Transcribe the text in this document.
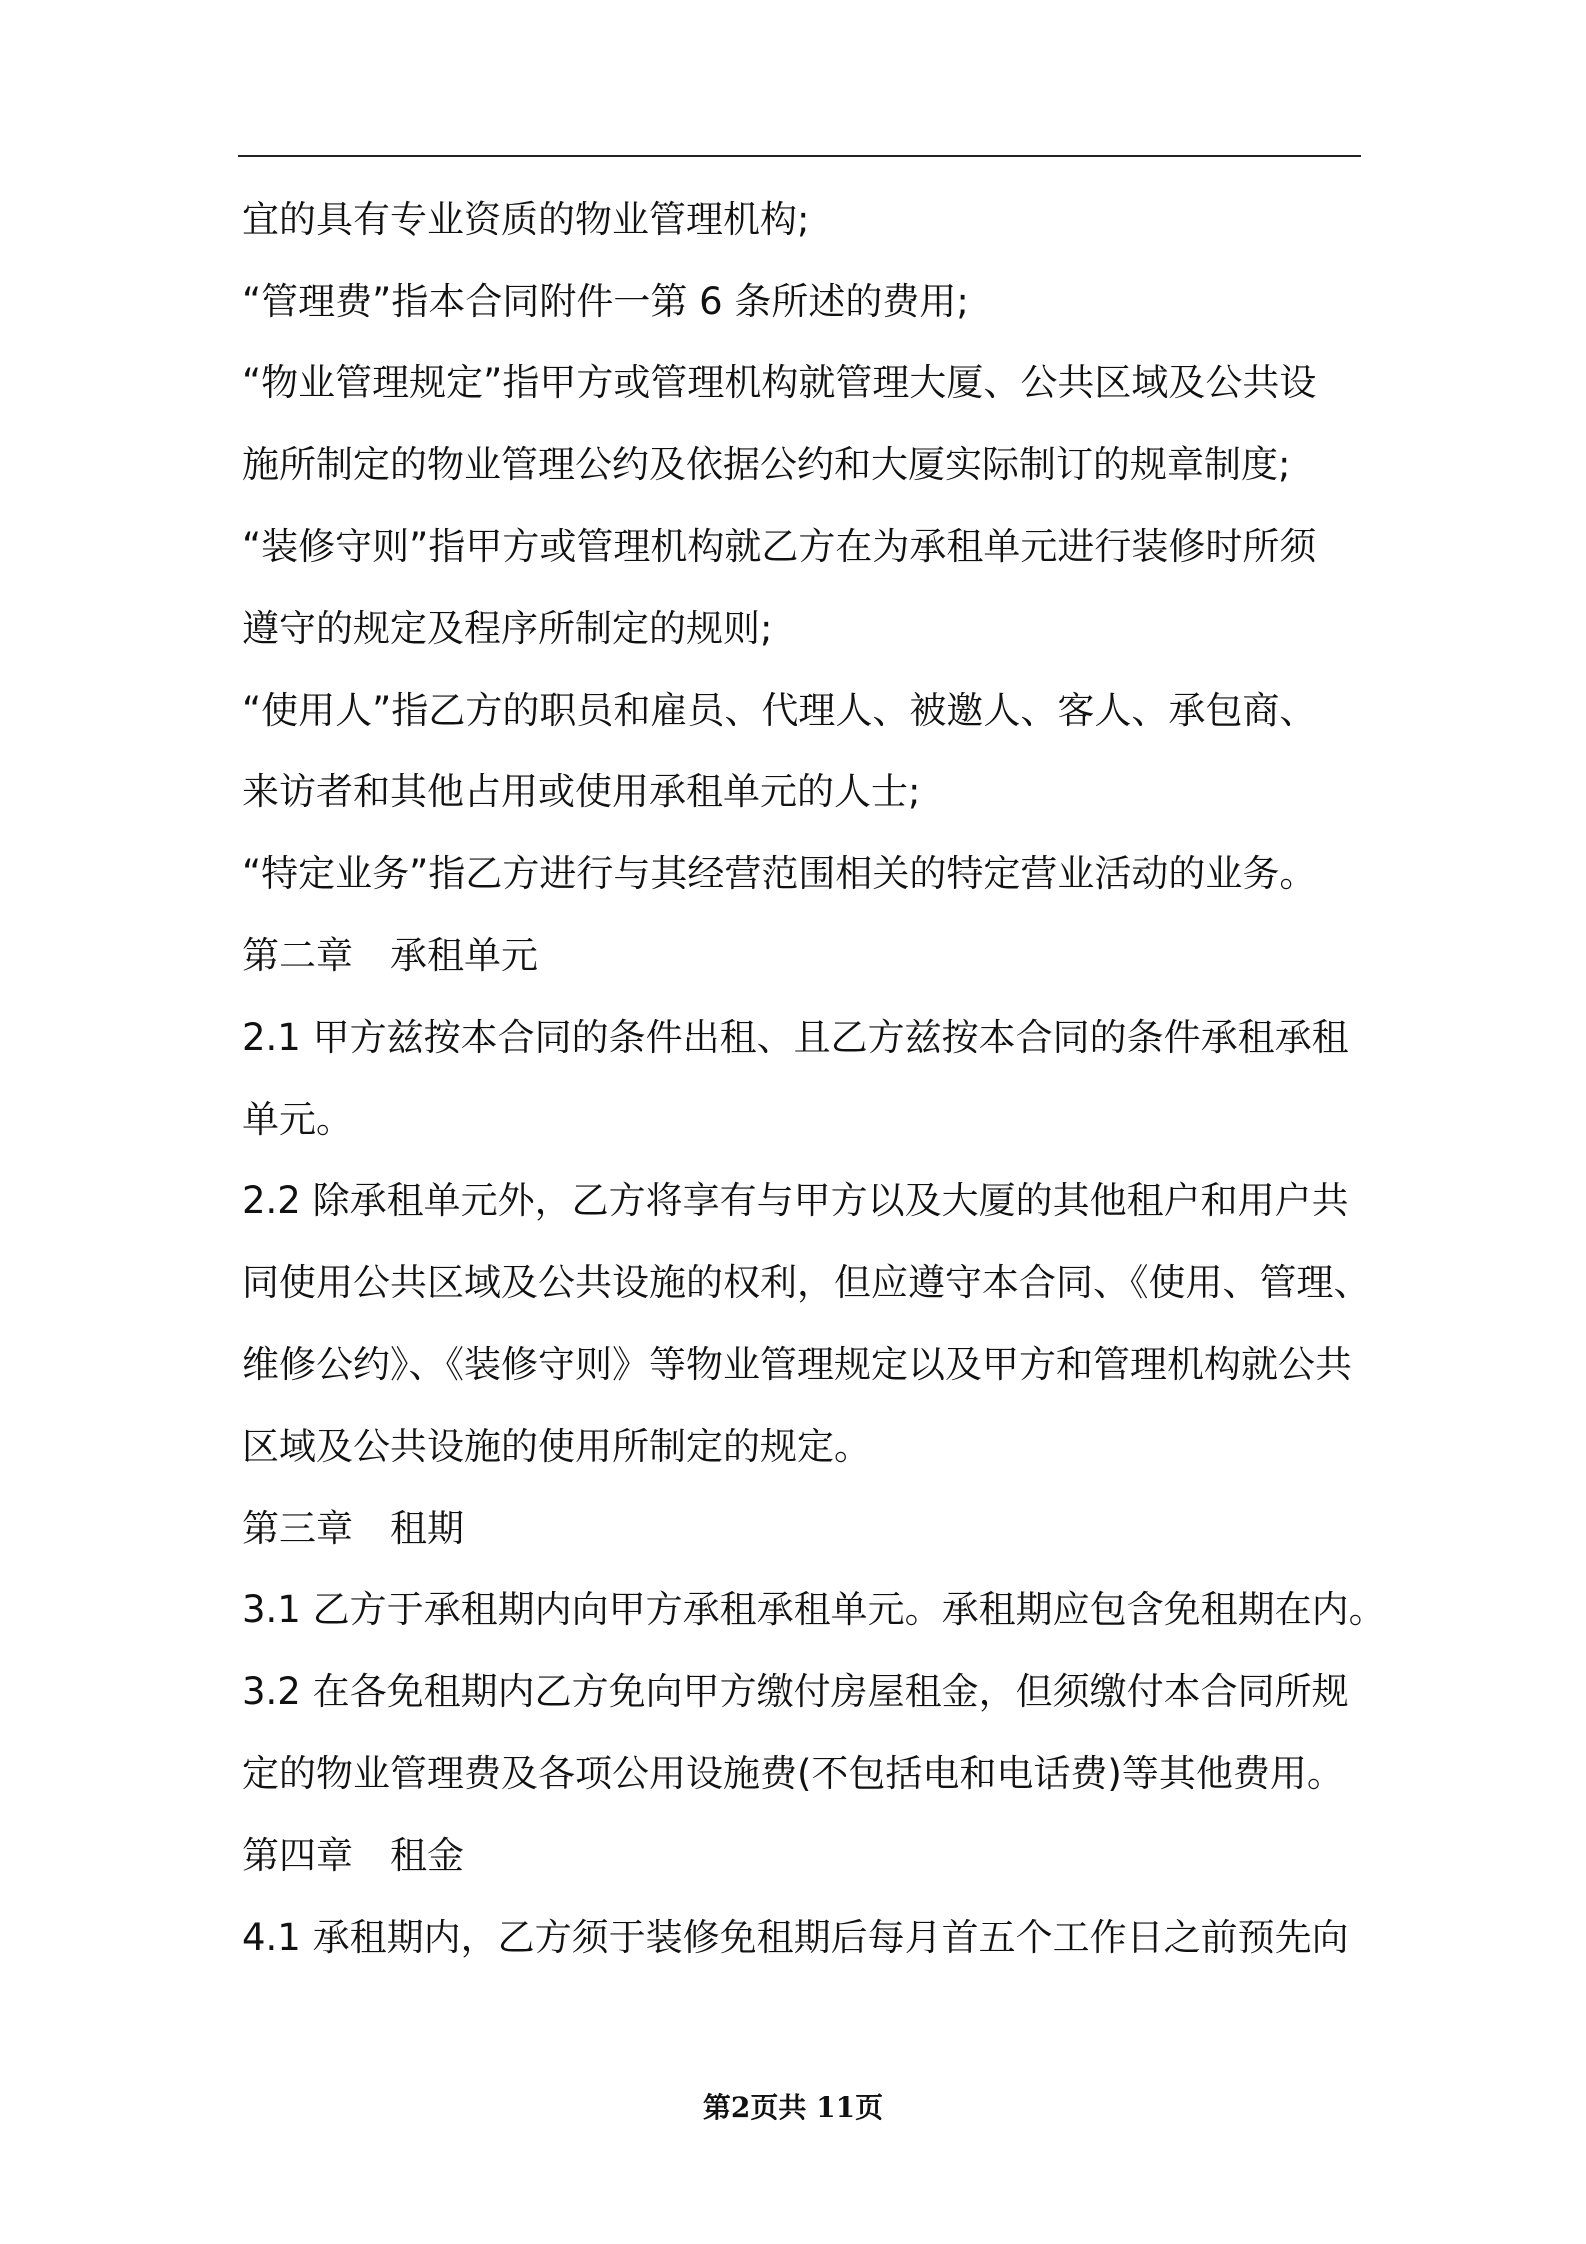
宜的具有专业资质的物业管理机构;
“管理费”指本合同附件一第 6 条所述的费用;
“物业管理规定”指甲方或管理机构就管理大厦、公共区域及公共设
施所制定的物业管理公约及依据公约和大厦实际制订的规章制度;
“装修守则”指甲方或管理机构就乙方在为承租单元进行装修时所须
遵守的规定及程序所制定的规则;
“使用人”指乙方的职员和雇员、代理人、被邀人、客人、承包商、
来访者和其他占用或使用承租单元的人士;
“特定业务”指乙方进行与其经营范围相关的特定营业活动的业务。
第二章　承租单元
2.1 甲方兹按本合同的条件出租、且乙方兹按本合同的条件承租承租
单元。
2.2 除承租单元外，乙方将享有与甲方以及大厦的其他租户和用户共
同使用公共区域及公共设施的权利，但应遵守本合同、《使用、管理、
维修公约》、《装修守则》等物业管理规定以及甲方和管理机构就公共
区域及公共设施的使用所制定的规定。
第三章　租期
3.1 乙方于承租期内向甲方承租承租单元。承租期应包含免租期在内。
3.2 在各免租期内乙方免向甲方缴付房屋租金，但须缴付本合同所规
定的物业管理费及各项公用设施费(不包括电和电话费)等其他费用。
第四章　租金
4.1 承租期内，乙方须于装修免租期后每月首五个工作日之前预先向
第2页共 11页
